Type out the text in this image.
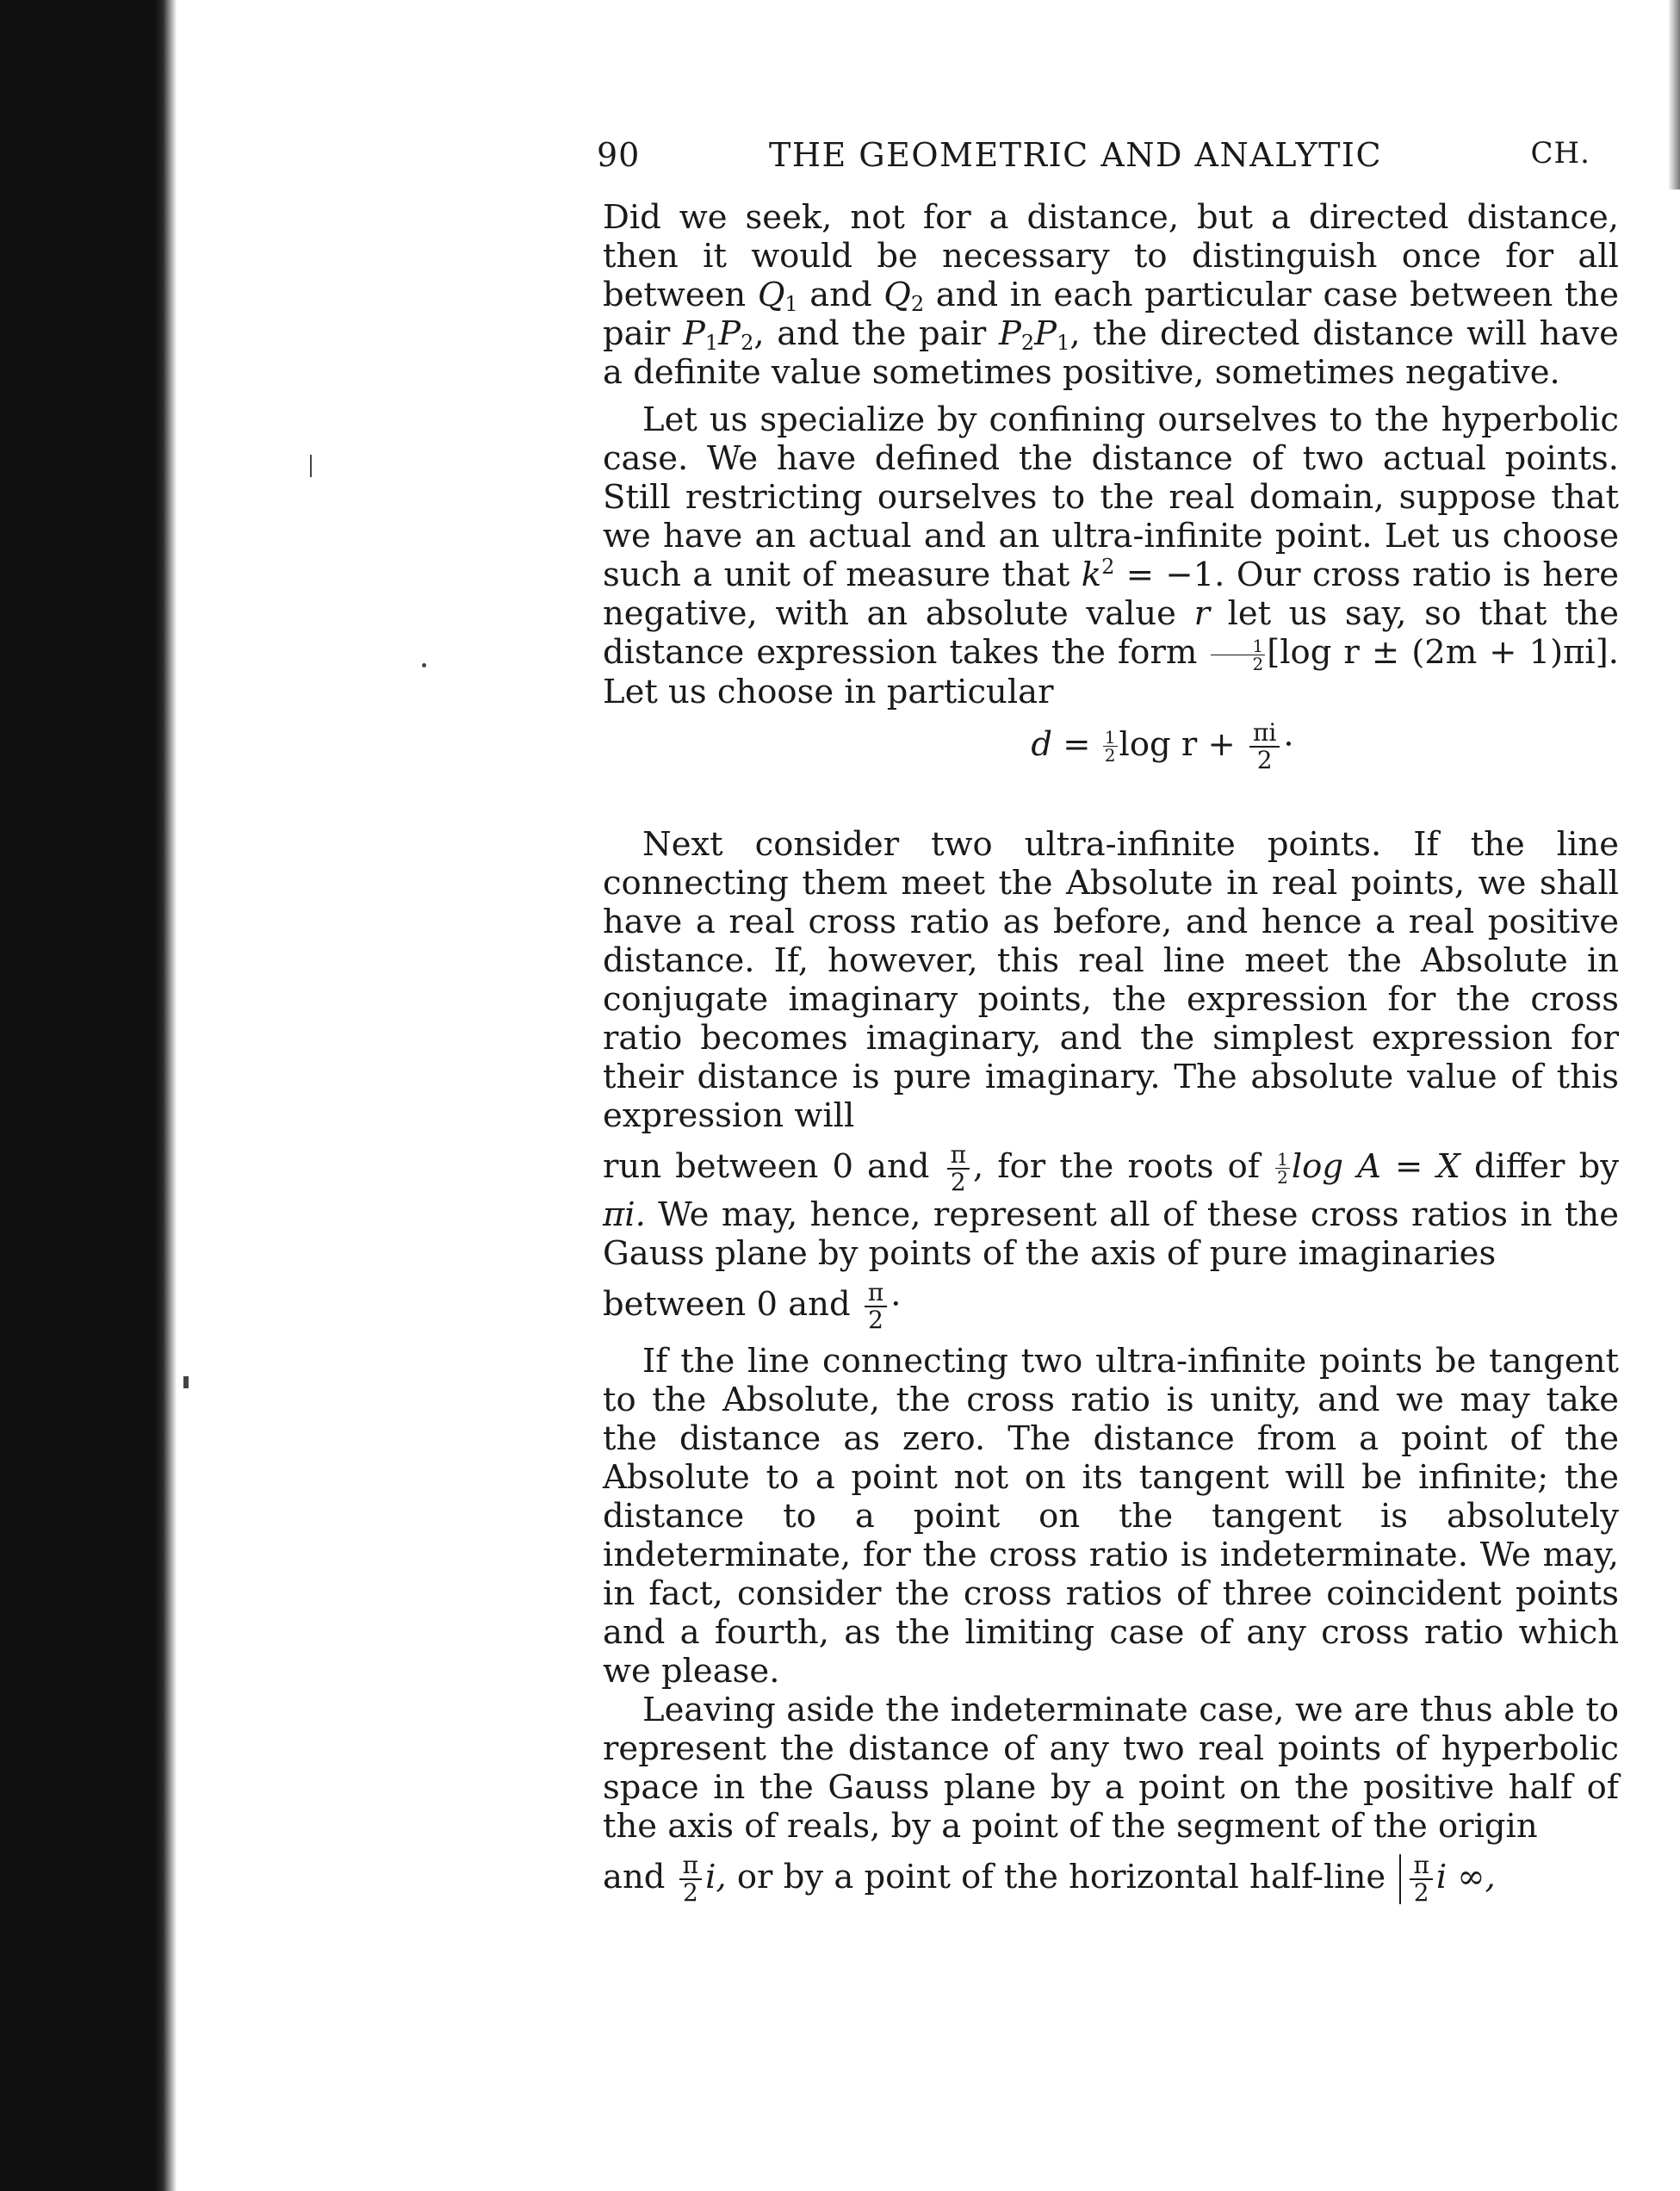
90	THE GEOMETRIC AND ANALYTIC	CH.

Did we seek, not for a distance, but a directed distance, then it would be necessary to distinguish once for all between $Q_1$ and $Q_2$ and in each particular case between the pair $P_1P_2$, and the pair $P_2P_1$, the directed distance will have a definite value sometimes positive, sometimes negative.

Let us specialize by confining ourselves to the hyperbolic case. We have defined the distance of two actual points. Still restricting ourselves to the real domain, suppose that we have an actual and an ultra-infinite point. Let us choose such a unit of measure that $k^2 = -1$. Our cross ratio is here negative, with an absolute value r let us say, so that the distance expression takes the form $\frac{1}{2} [\log$ r ± (2m + 1)πi]. Let us choose in particular

$d = \frac{1}{2}$ $\log r + \frac{\pi i}{2}$ ·

Next consider two ultra-infinite points. If the line connecting them meet the Absolute in real points, we shall have a real cross ratio as before, and hence a real positive distance. If, however, this real line meet the Absolute in conjugate imaginary points, the expression for the cross ratio becomes imaginary, and the simplest expression for their distance is pure imaginary. The absolute value of this expression will

run between 0 and $\frac{\pi}{2}$ , for the roots of $\frac{1}{2}$ log A = X differ by πi. We may, hence, represent all of these cross ratios in the Gauss plane by points of the axis of pure imaginaries

between 0 and $\frac{\pi}{2}$ ·

If the line connecting two ultra-infinite points be tangent to the Absolute, the cross ratio is unity, and we may take the distance as zero. The distance from a point of the Absolute to a point not on its tangent will be infinite; the distance to a point on the tangent is absolutely indeterminate, for the cross ratio is indeterminate. We may, in fact, consider the cross ratios of three coincident points and a fourth, as the limiting case of any cross ratio which we please.

Leaving aside the indeterminate case, we are thus able to represent the distance of any two real points of hyperbolic space in the Gauss plane by a point on the positive half of the axis of reals, by a point of the segment of the origin

and $\frac{\pi}{2} i$, or by a point of the horizontal half-line $\frac{\pi}{2}$ i ∞,
